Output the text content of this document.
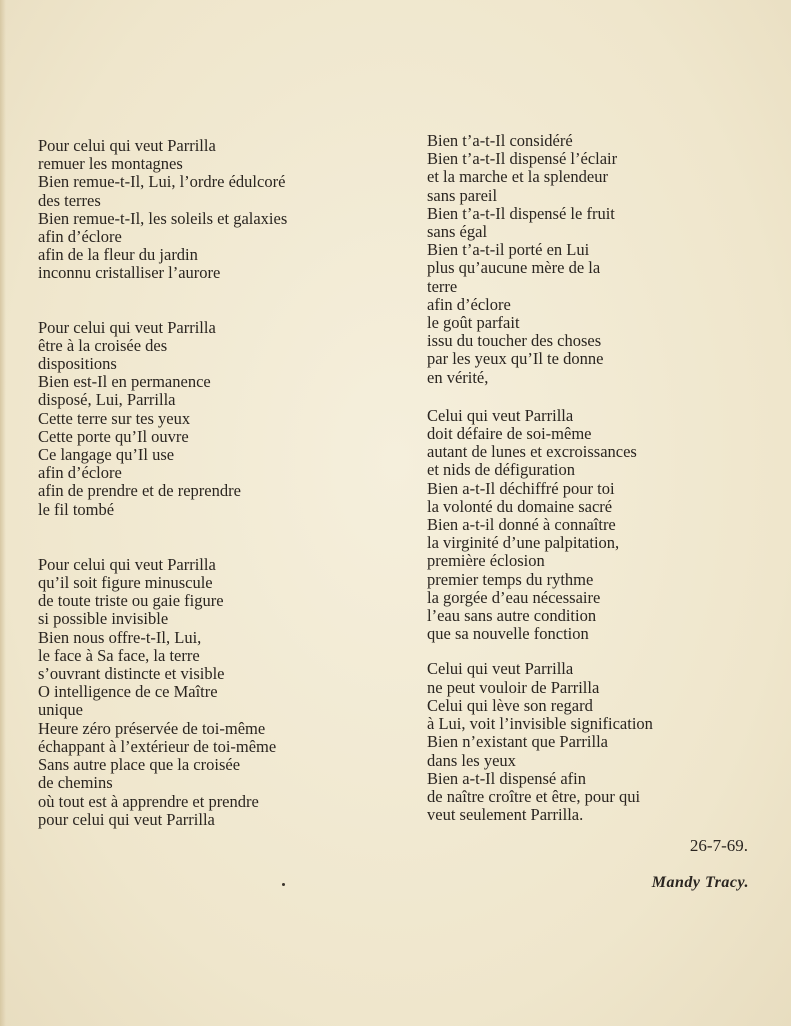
Pour celui qui veut Parrilla
remuer les montagnes
Bien remue-t-Il, Lui, l’ordre édulcoré
des terres
Bien remue-t-Il, les soleils et galaxies
afin d’éclore
afin de la fleur du jardin
inconnu cristalliser l’aurore
Pour celui qui veut Parrilla
être à la croisée des
dispositions
Bien est-Il en permanence
disposé, Lui, Parrilla
Cette terre sur tes yeux
Cette porte qu’Il ouvre
Ce langage qu’Il use
afin d’éclore
afin de prendre et de reprendre
le fil tombé
Pour celui qui veut Parrilla
qu’il soit figure minuscule
de toute triste ou gaie figure
si possible invisible
Bien nous offre-t-Il, Lui,
le face à Sa face, la terre
s’ouvrant distincte et visible
O intelligence de ce Maître
unique
Heure zéro préservée de toi-même
échappant à l’extérieur de toi-même
Sans autre place que la croisée
de chemins
où tout est à apprendre et prendre
pour celui qui veut Parrilla
Bien t’a-t-Il considéré
Bien t’a-t-Il dispensé l’éclair
et la marche et la splendeur
sans pareil
Bien t’a-t-Il dispensé le fruit
sans égal
Bien t’a-t-il porté en Lui
plus qu’aucune mère de la
terre
afin d’éclore
le goût parfait
issu du toucher des choses
par les yeux qu’Il te donne
en vérité,
Celui qui veut Parrilla
doit défaire de soi-même
autant de lunes et excroissances
et nids de défiguration
Bien a-t-Il déchiffré pour toi
la volonté du domaine sacré
Bien a-t-il donné à connaître
la virginité d’une palpitation,
première éclosion
premier temps du rythme
la gorgée d’eau nécessaire
l’eau sans autre condition
que sa nouvelle fonction
Celui qui veut Parrilla
ne peut vouloir de Parrilla
Celui qui lève son regard
à Lui, voit l’invisible signification
Bien n’existant que Parrilla
dans les yeux
Bien a-t-Il dispensé afin
de naître croître et être, pour qui
veut seulement Parrilla.
26-7-69.
Mandy Tracy.
